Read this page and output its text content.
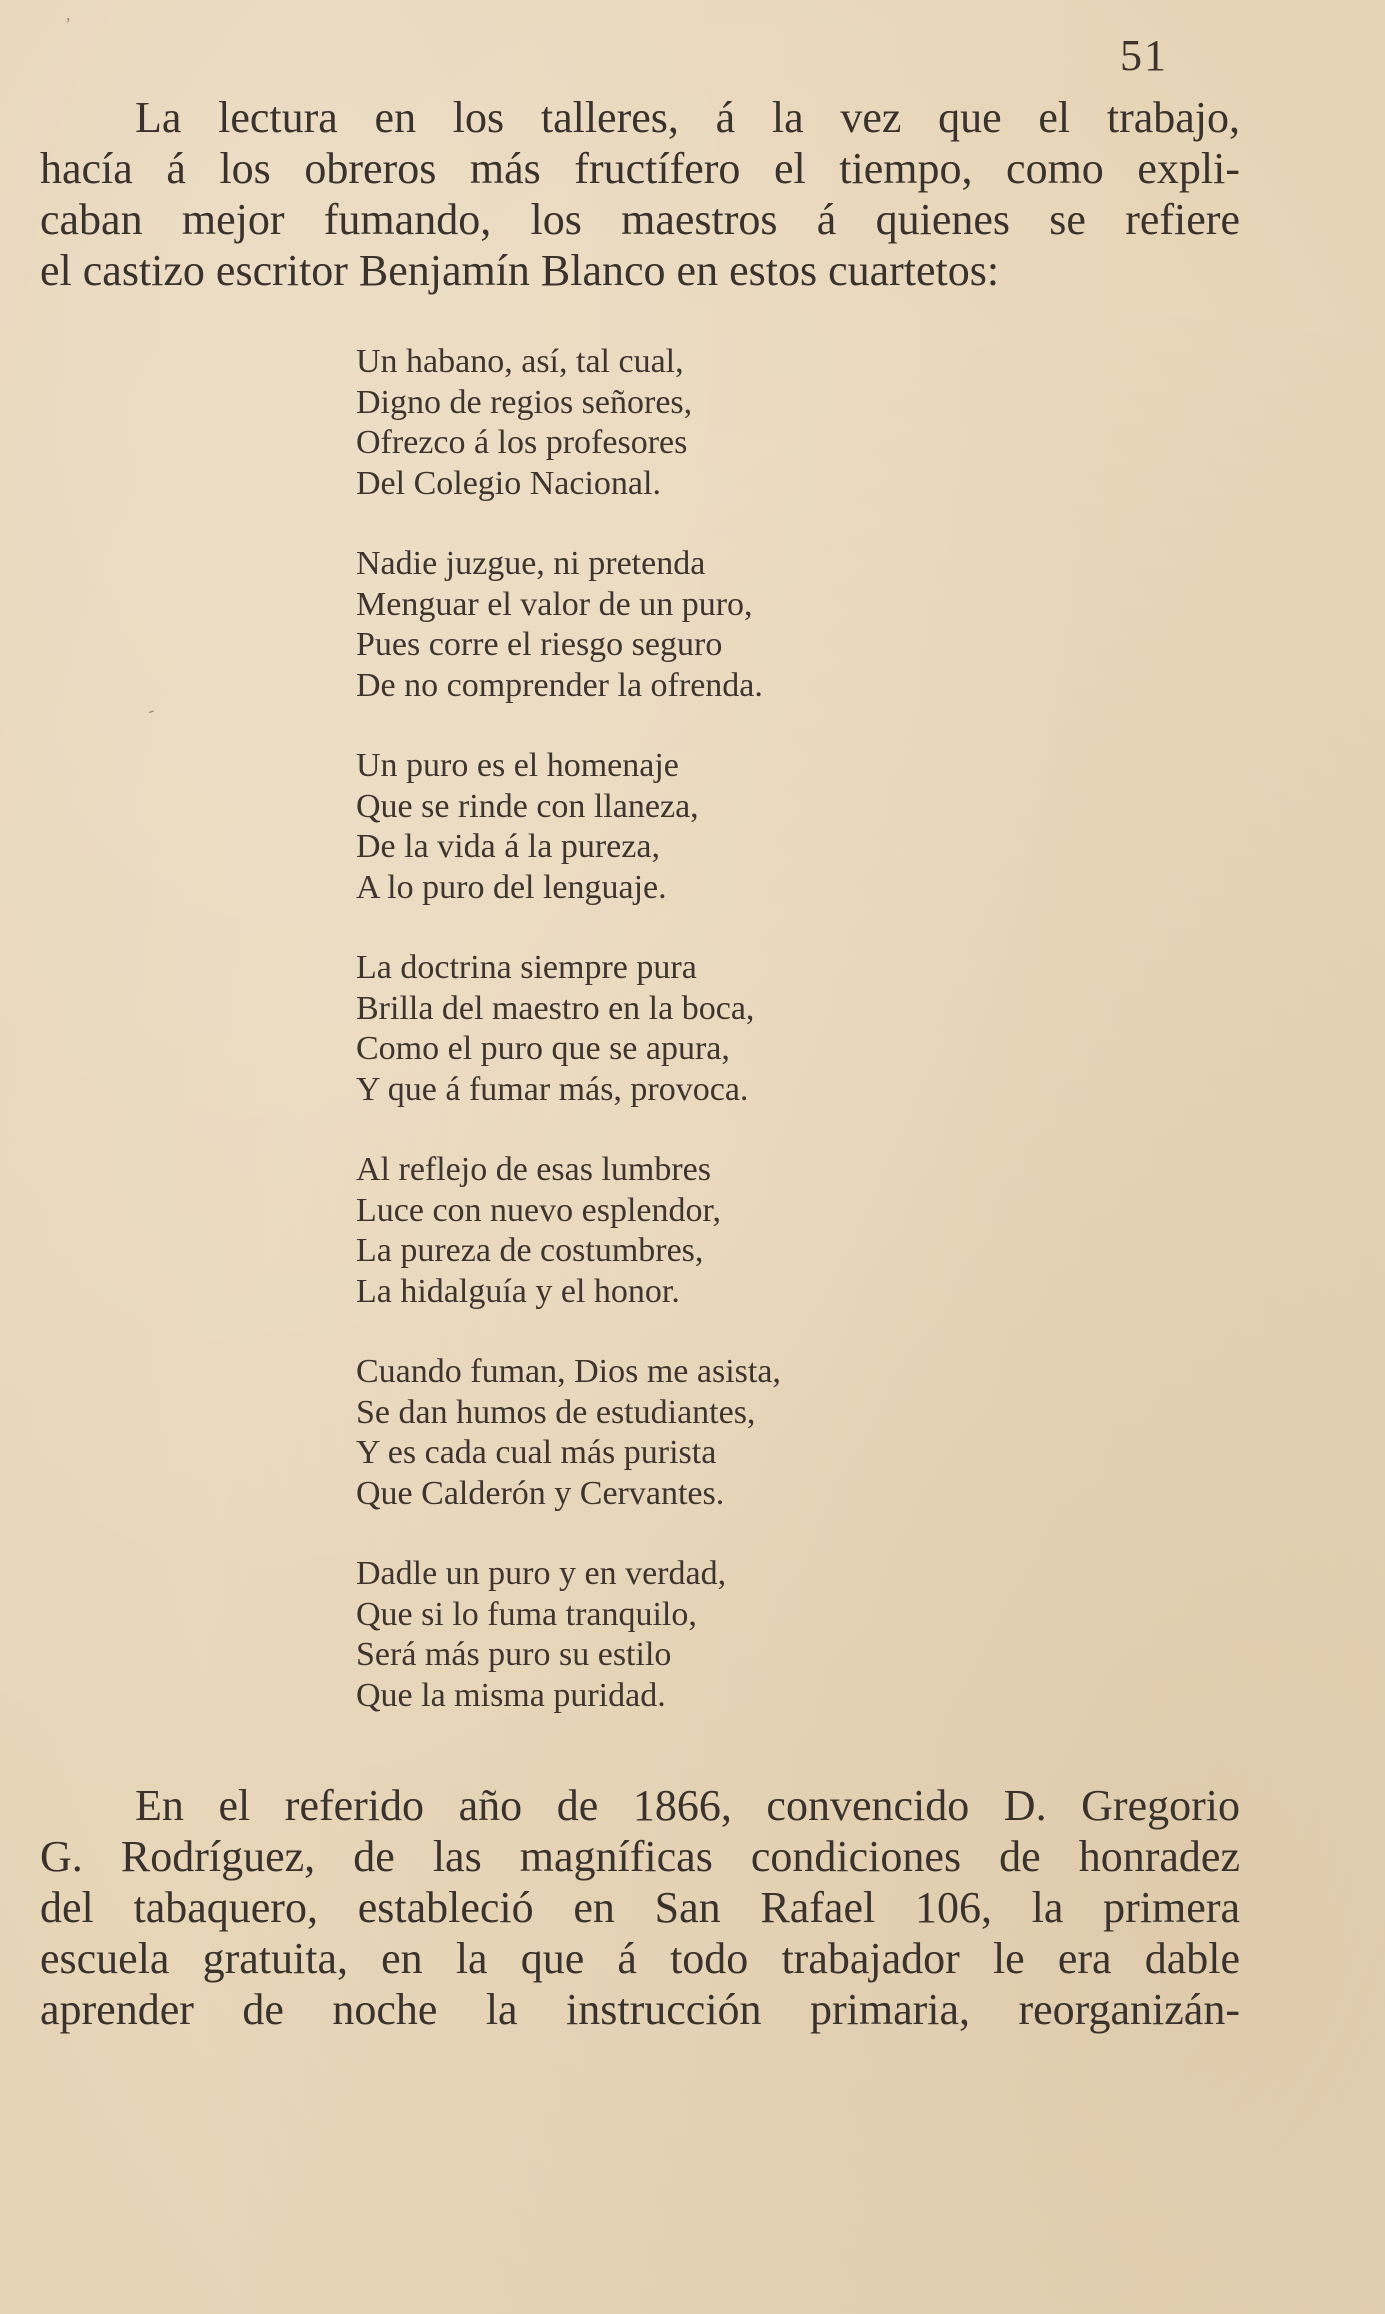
,
-
51
La lectura en los talleres, á la vez que el trabajo,
hacía á los obreros más fructífero el tiempo, como expli-
caban mejor fumando, los maestros á quienes se refiere
el castizo escritor Benjamín Blanco en estos cuartetos:
Un habano, así, tal cual,
Digno de regios señores,
Ofrezco á los profesores
Del Colegio Nacional.
Nadie juzgue, ni pretenda
Menguar el valor de un puro,
Pues corre el riesgo seguro
De no comprender la ofrenda.
Un puro es el homenaje
Que se rinde con llaneza,
De la vida á la pureza,
A lo puro del lenguaje.
La doctrina siempre pura
Brilla del maestro en la boca,
Como el puro que se apura,
Y que á fumar más, provoca.
Al reflejo de esas lumbres
Luce con nuevo esplendor,
La pureza de costumbres,
La hidalguía y el honor.
Cuando fuman, Dios me asista,
Se dan humos de estudiantes,
Y es cada cual más purista
Que Calderón y Cervantes.
Dadle un puro y en verdad,
Que si lo fuma tranquilo,
Será más puro su estilo
Que la misma puridad.
En el referido año de 1866, convencido D. Gregorio
G. Rodríguez, de las magníficas condiciones de honradez
del tabaquero, estableció en San Rafael 106, la primera
escuela gratuita, en la que á todo trabajador le era dable
aprender de noche la instrucción primaria, reorganizán-
